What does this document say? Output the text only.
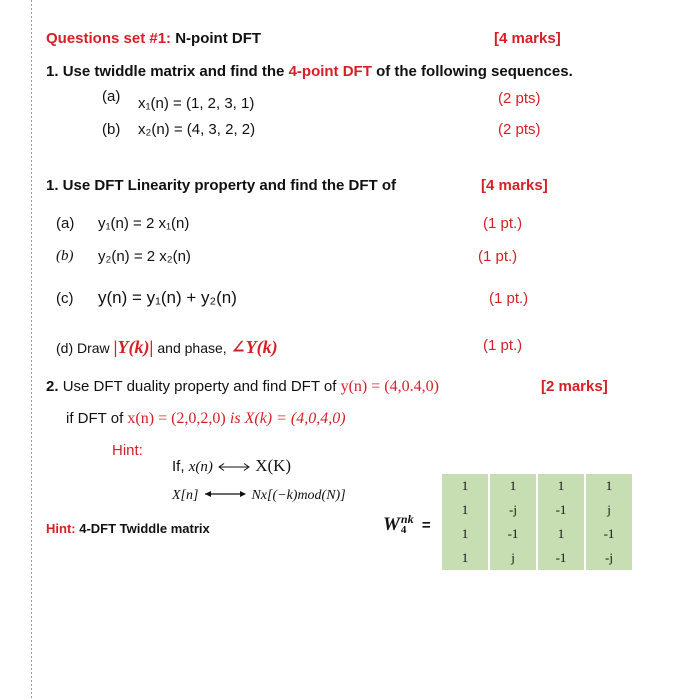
Questions set #1: N-point DFT	[4 marks]
1. Use twiddle matrix and find the 4-point DFT of the following sequences.
(a) x₁(n) = (1, 2, 3, 1)	(2 pts)
(b) x₂(n) = (4, 3, 2, 2)	(2 pts)
1. Use DFT Linearity property and find the DFT of	[4 marks]
(a) y₁(n) = 2 x₁(n)	(1 pt.)
(b) y₂(n) = 2 x₂(n)	(1 pt.)
(c) y(n) = y₁(n) + y₂(n)	(1 pt.)
(d) Draw |Y(k)| and phase, ∠Y(k)	(1 pt.)
2. Use DFT duality property and find DFT of y(n) = (4,0.4,0)	[2 marks]
if DFT of x(n) = (2,0,2,0) is X(k) = (4,0,4,0)
Hint:
If, x(n) X(K)
X[n]	Nx[(−k)mod(N)]
Hint: 4-DFT Twiddle matrix	W nk
4 =
1	1	1	1
1	-j	-1	j
1	-1	1	-1
1	j	-1	-j
